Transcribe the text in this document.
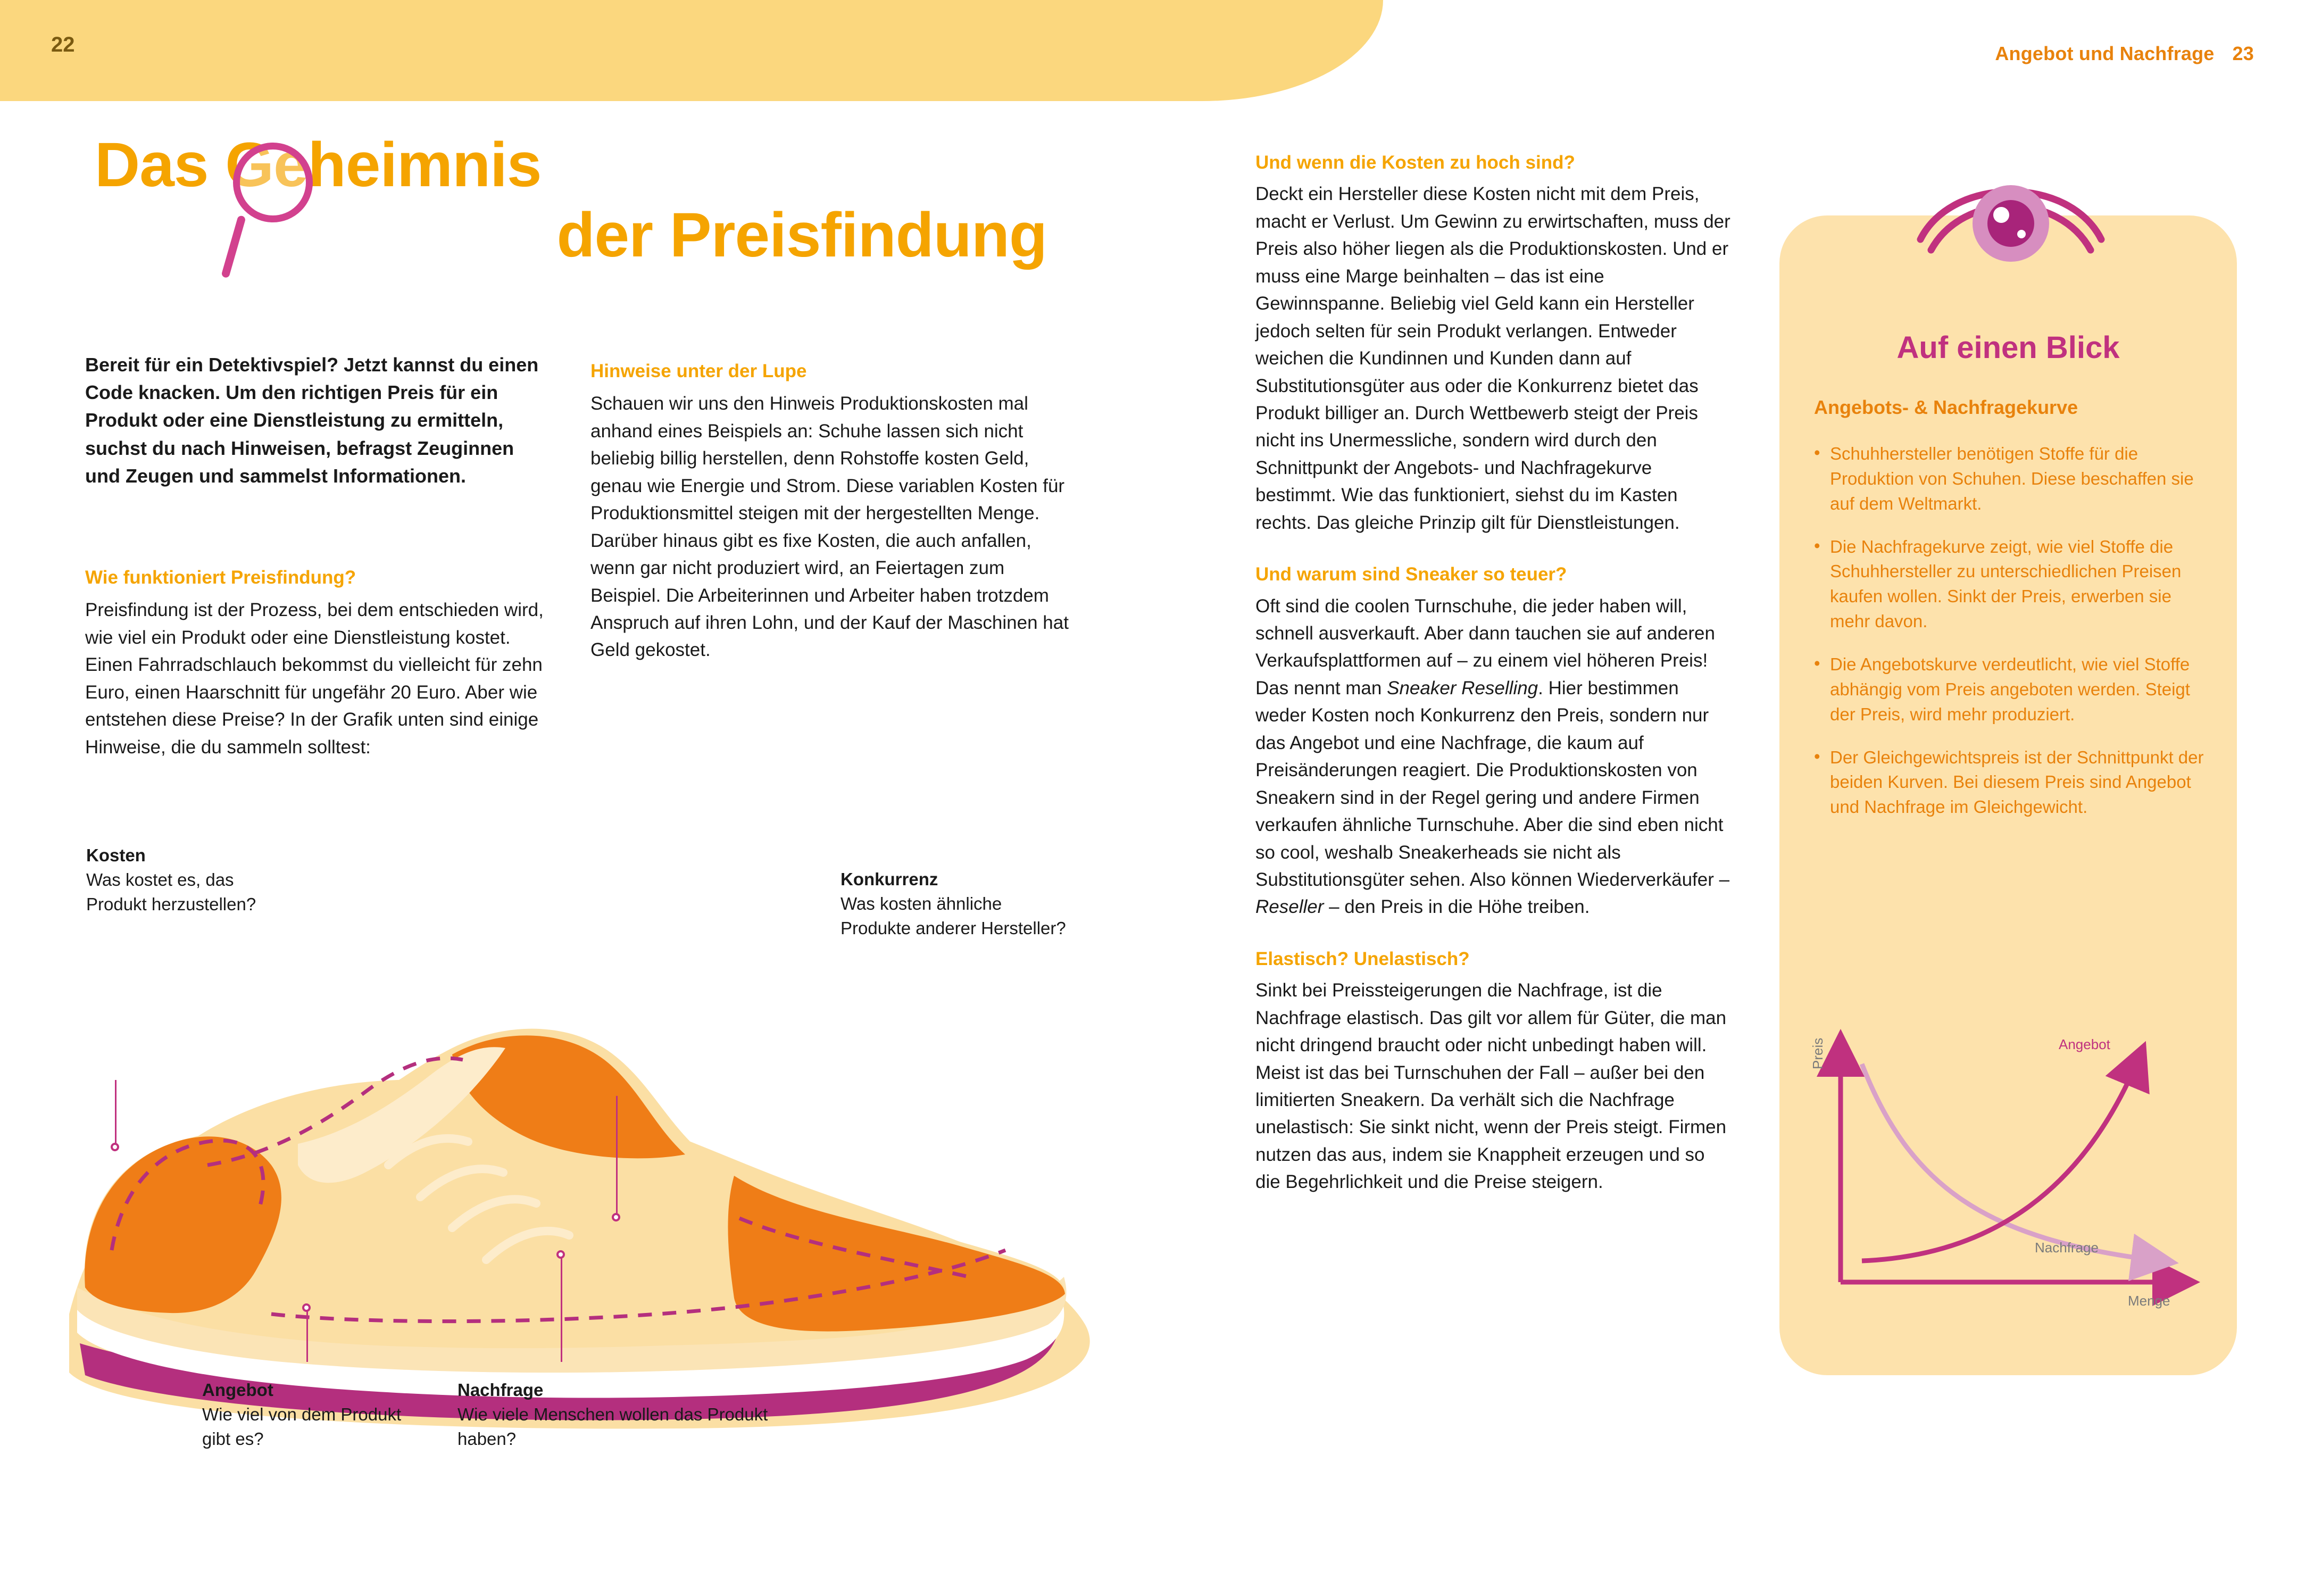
22	Angebot und Nachfrage 23
Das Geheimnis
der Preisfindung
Bereit für ein Detektivspiel? Jetzt kannst du einen Code knacken. Um den richtigen Preis für ein Produkt oder eine Dienstleistung zu ermitteln, suchst du nach Hinweisen, befragst Zeuginnen und Zeugen und sammelst Informationen.
Wie funktioniert Preisfindung?
Preisfindung ist der Prozess, bei dem entschieden wird, wie viel ein Produkt oder eine Dienstleistung kostet. Einen Fahrradschlauch bekommst du vielleicht für zehn Euro, einen Haarschnitt für ungefähr 20 Euro. Aber wie entstehen diese Preise? In der Grafik unten sind einige Hinweise, die du sammeln solltest:
Hinweise unter der Lupe
Schauen wir uns den Hinweis Produktionskosten mal anhand eines Beispiels an: Schuhe lassen sich nicht beliebig billig herstellen, denn Rohstoffe kosten Geld, genau wie Energie und Strom. Diese variablen Kosten für Produktionsmittel steigen mit der hergestellten Menge. Darüber hinaus gibt es fixe Kosten, die auch anfallen, wenn gar nicht produziert wird, an Feiertagen zum Beispiel. Die Arbeiterinnen und Arbeiter haben trotzdem Anspruch auf ihren Lohn, und der Kauf der Maschinen hat Geld gekostet.
Kosten
Was kostet es, das Produkt herzustellen?
Konkurrenz
Was kosten ähnliche Produkte anderer Hersteller?
Angebot
Wie viel von dem Produkt gibt es?
Nachfrage
Wie viele Menschen wollen das Produkt haben?
Und wenn die Kosten zu hoch sind?

Deckt ein Hersteller diese Kosten nicht mit dem Preis, macht er Verlust. Um Gewinn zu erwirtschaften, muss der Preis also höher liegen als die Produktionskosten. Und er muss eine Marge beinhalten – das ist eine Gewinnspanne. Beliebig viel Geld kann ein Hersteller jedoch selten für sein Produkt verlangen. Entweder weichen die Kundinnen und Kunden dann auf Substitutionsgüter aus oder die Konkurrenz bietet das Produkt billiger an. Durch Wettbewerb steigt der Preis nicht ins Unermessliche, sondern wird durch den Schnittpunkt der Angebots- und Nachfragekurve bestimmt. Wie das funktioniert, siehst du im Kasten rechts. Das gleiche Prinzip gilt für Dienstleistungen.

Und warum sind Sneaker so teuer?

Oft sind die coolen Turnschuhe, die jeder haben will, schnell ausverkauft. Aber dann tauchen sie auf anderen Verkaufsplattformen auf – zu einem viel höheren Preis! Das nennt man Sneaker Reselling. Hier bestimmen weder Kosten noch Konkurrenz den Preis, sondern nur das Angebot und eine Nachfrage, die kaum auf Preisänderungen reagiert. Die Produktionskosten von Sneakern sind in der Regel gering und andere Firmen verkaufen ähnliche Turnschuhe. Aber die sind eben nicht so cool, weshalb Sneakerheads sie nicht als Substitutionsgüter sehen. Also können Wiederverkäufer – Reseller – den Preis in die Höhe treiben.

Elastisch? Unelastisch?

Sinkt bei Preissteigerungen die Nachfrage, ist die Nachfrage elastisch. Das gilt vor allem für Güter, die man nicht dringend braucht oder nicht unbedingt haben will. Meist ist das bei Turnschuhen der Fall – außer bei den limitierten Sneakern. Da verhält sich die Nachfrage unelastisch: Sie sinkt nicht, wenn der Preis steigt. Firmen nutzen das aus, indem sie Knappheit erzeugen und so die Begehrlichkeit und die Preise steigern.

Auf einen Blick
Angebots- & Nachfragekurve
• Schuhhersteller benötigen Stoffe für die Produktion von Schuhen. Diese beschaffen sie auf dem Weltmarkt.
• Die Nachfragekurve zeigt, wie viel Stoffe die Schuhhersteller zu unterschiedlichen Preisen kaufen wollen. Sinkt der Preis, erwerben sie mehr davon.
• Die Angebotskurve verdeutlicht, wie viel Stoffe abhängig vom Preis angeboten werden. Steigt der Preis, wird mehr produziert.
• Der Gleichgewichtspreis ist der Schnittpunkt der beiden Kurven. Bei diesem Preis sind Angebot und Nachfrage im Gleichgewicht.
Angebot
Nachfrage
Preis
Menge
